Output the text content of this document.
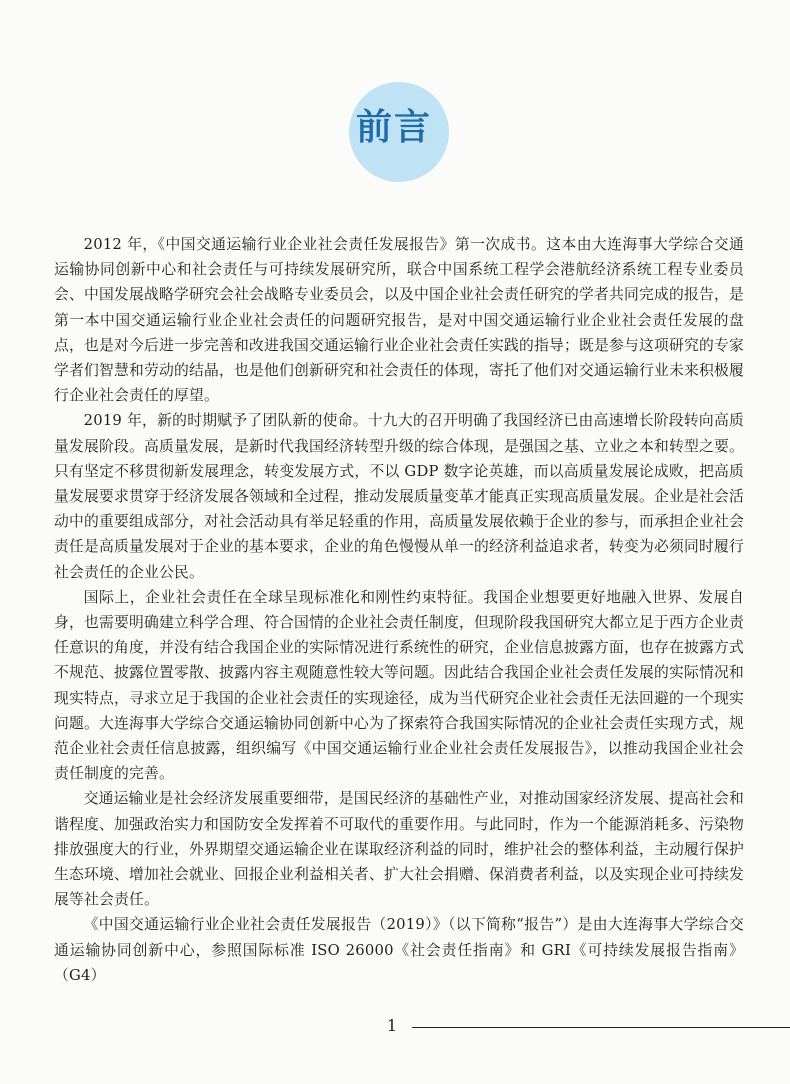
前言

2012 年，《中国交通运输行业企业社会责任发展报告》第一次成书。这本由大连海事大学综合交通运输协同创新中心和社会责任与可持续发展研究所，联合中国系统工程学会港航经济系统工程专业委员会、中国发展战略学研究会社会战略专业委员会，以及中国企业社会责任研究的学者共同完成的报告，是第一本中国交通运输行业企业社会责任的问题研究报告，是对中国交通运输行业企业社会责任发展的盘点，也是对今后进一步完善和改进我国交通运输行业企业社会责任实践的指导；既是参与这项研究的专家学者们智慧和劳动的结晶，也是他们创新研究和社会责任的体现，寄托了他们对交通运输行业未来积极履行企业社会责任的厚望。

2019 年，新的时期赋予了团队新的使命。十九大的召开明确了我国经济已由高速增长阶段转向高质量发展阶段。高质量发展，是新时代我国经济转型升级的综合体现，是强国之基、立业之本和转型之要。只有坚定不移贯彻新发展理念，转变发展方式，不以 GDP 数字论英雄，而以高质量发展论成败，把高质量发展要求贯穿于经济发展各领域和全过程，推动发展质量变革才能真正实现高质量发展。企业是社会活动中的重要组成部分，对社会活动具有举足轻重的作用，高质量发展依赖于企业的参与，而承担企业社会责任是高质量发展对于企业的基本要求，企业的角色慢慢从单一的经济利益追求者，转变为必须同时履行社会责任的企业公民。

国际上，企业社会责任在全球呈现标准化和刚性约束特征。我国企业想要更好地融入世界、发展自身，也需要明确建立科学合理、符合国情的企业社会责任制度，但现阶段我国研究大都立足于西方企业责任意识的角度，并没有结合我国企业的实际情况进行系统性的研究，企业信息披露方面，也存在披露方式不规范、披露位置零散、披露内容主观随意性较大等问题。因此结合我国企业社会责任发展的实际情况和现实特点，寻求立足于我国的企业社会责任的实现途径，成为当代研究企业社会责任无法回避的一个现实问题。大连海事大学综合交通运输协同创新中心为了探索符合我国实际情况的企业社会责任实现方式，规范企业社会责任信息披露，组织编写《中国交通运输行业企业社会责任发展报告》，以推动我国企业社会责任制度的完善。

交通运输业是社会经济发展重要细带，是国民经济的基础性产业，对推动国家经济发展、提高社会和谐程度、加强政治实力和国防安全发挥着不可取代的重要作用。与此同时，作为一个能源消耗多、污染物排放强度大的行业，外界期望交通运输企业在谋取经济利益的同时，维护社会的整体利益，主动履行保护生态环境、增加社会就业、回报企业利益相关者、扩大社会捐赠、保消费者利益，以及实现企业可持续发展等社会责任。

《中国交通运输行业企业社会责任发展报告（2019）》（以下简称“报告”）是由大连海事大学综合交通运输协同创新中心，参照国际标准 ISO 26000《社会责任指南》和 GRI《可持续发展报告指南》（G4）

1
